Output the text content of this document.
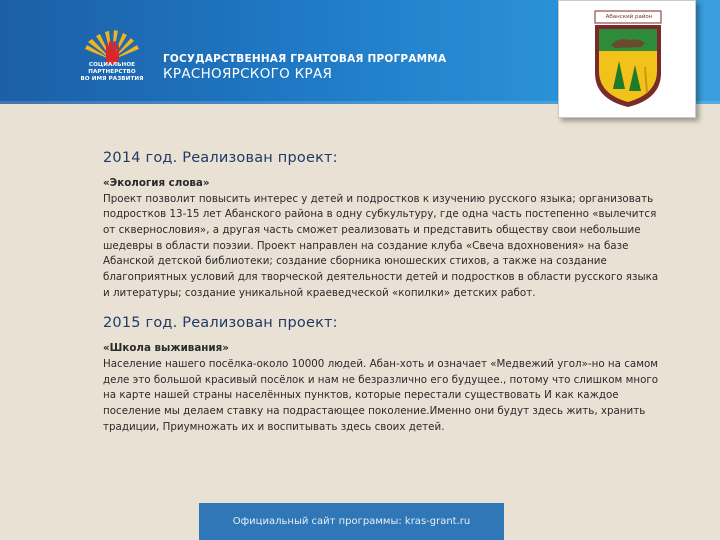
СОЦИАЛЬНОЕ
ПАРТНЕРСТВО
ВО ИМЯ РАЗВИТИЯ
ГОСУДАРСТВЕННАЯ ГРАНТОВАЯ ПРОГРАММА
КРАСНОЯРСКОГО КРАЯ
Абанский район
2014 год. Реализован проект:
«Экология слова»
Проект позволит повысить интерес у детей и подростков к изучению русского языка; организовать подростков 13-15 лет Абанского района в одну субкультуру, где одна часть постепенно «вылечится от сквернословия», а другая часть сможет реализовать и представить обществу свои небольшие шедевры в области поэзии. Проект направлен на создание клуба «Свеча вдохновения» на базе Абанской детской библиотеки; создание сборника юношеских стихов, а также на создание благоприятных условий для творческой деятельности детей и подростков в области русского языка и литературы; создание уникальной краеведческой «копилки» детских работ.
2015 год. Реализован проект:
«Школа выживания»
Население нашего посёлка-около 10000 людей. Абан-хоть и означает «Медвежий угол»-но на самом деле это большой красивый посёлок и нам не безразлично его будущее., потому что слишком много на карте нашей страны населённых пунктов, которые перестали существовать И как каждое поселение мы делаем ставку на подрастающее поколение.Именно они будут здесь жить, хранить традиции, Приумножать их и воспитывать здесь своих детей.
Официальный сайт программы: kras-grant.ru
